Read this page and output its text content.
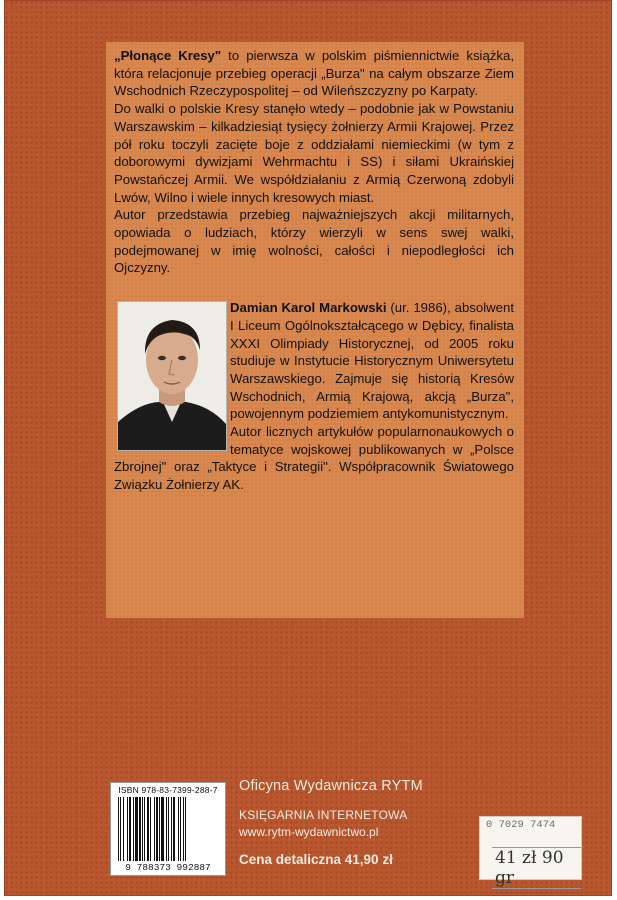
„Płonące Kresy" to pierwsza w polskim piśmiennictwie książka, która relacjonuje przebieg operacji „Burza" na całym obszarze Ziem Wschodnich Rzeczypospolitej – od Wileńszczyzny po Karpaty.

Do walki o polskie Kresy stanęło wtedy – podobnie jak w Powstaniu Warszawskim – kilkadziesiąt tysięcy żołnierzy Armii Krajowej. Przez pół roku toczyli zacięte boje z oddziałami niemieckimi (w tym z doborowymi dywizjami Wehrmachtu i SS) i siłami Ukraińskiej Powstańczej Armii. We współdziałaniu z Armią Czerwoną zdobyli Lwów, Wilno i wiele innych kresowych miast.

Autor przedstawia przebieg najważniejszych akcji militarnych, opowiada o ludziach, którzy wierzyli w sens swej walki, podejmowanej w imię wolności, całości i niepodległości ich Ojczyzny.

Damian Karol Markowski (ur. 1986), absolwent I Liceum Ogólnokształcącego w Dębicy, finalista XXXI Olimpiady Historycznej, od 2005 roku studiuje w Instytucie Historycznym Uniwersytetu Warszawskiego. Zajmuje się historią Kresów Wschodnich, Armią Krajową, akcją „Burza", powojennym podziemiem antykomunistycznym.

Autor licznych artykułów popularnonaukowych o tematyce wojskowej publikowanych w „Polsce Zbrojnej" oraz „Taktyce i Strategii". Współpracownik Światowego Związku Żołnierzy AK.

ISBN 978-83-7399-288-7
9 788373 992887
Oficyna Wydawnicza RYTM
KSIĘGARNIA INTERNETOWA
www.rytm-wydawnictwo.pl
Cena detaliczna 41,90 zł
0 7029 7474
41 zł 90 gr
